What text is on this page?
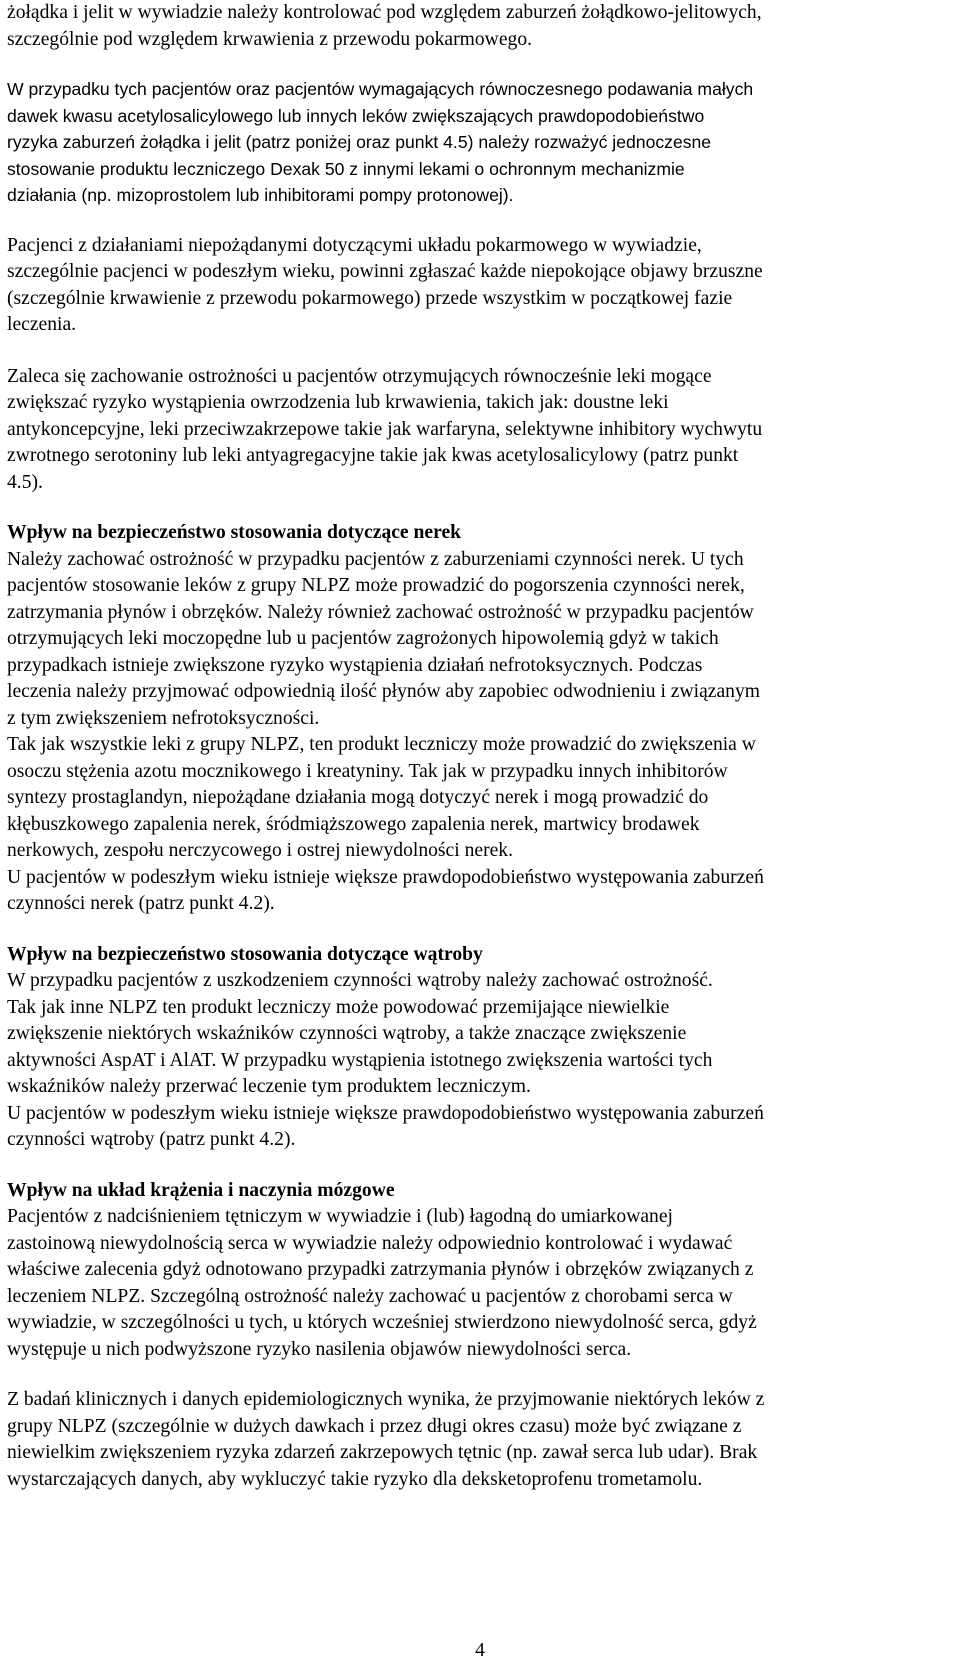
żołądka i jelit w wywiadzie należy kontrolować pod względem zaburzeń żołądkowo-jelitowych,
szczególnie pod względem krwawienia z przewodu pokarmowego.
W przypadku tych pacjentów oraz pacjentów wymagających równoczesnego podawania małych
dawek kwasu acetylosalicylowego lub innych leków zwiększających prawdopodobieństwo
ryzyka zaburzeń żołądka i jelit (patrz poniżej oraz punkt 4.5) należy rozważyć jednoczesne
stosowanie produktu leczniczego Dexak 50 z innymi lekami o ochronnym mechanizmie
działania (np. mizoprostolem lub inhibitorami pompy protonowej).
Pacjenci z działaniami niepożądanymi dotyczącymi układu pokarmowego w wywiadzie,
szczególnie pacjenci w podeszłym wieku, powinni zgłaszać każde niepokojące objawy brzuszne
(szczególnie krwawienie z przewodu pokarmowego) przede wszystkim w początkowej fazie
leczenia.
Zaleca się zachowanie ostrożności u pacjentów otrzymujących równocześnie leki mogące
zwiększać ryzyko wystąpienia owrzodzenia lub krwawienia, takich jak: doustne leki
antykoncepcyjne, leki przeciwzakrzepowe takie jak warfaryna, selektywne inhibitory wychwytu
zwrotnego serotoniny lub leki antyagregacyjne takie jak kwas acetylosalicylowy (patrz punkt
4.5).
Wpływ na bezpieczeństwo stosowania dotyczące nerek
Należy zachować ostrożność w przypadku pacjentów z zaburzeniami czynności nerek. U tych
pacjentów stosowanie leków z grupy NLPZ może prowadzić do pogorszenia czynności nerek,
zatrzymania płynów i obrzęków. Należy również zachować ostrożność w przypadku pacjentów
otrzymujących leki moczopędne lub u pacjentów zagrożonych hipowolemią gdyż w takich
przypadkach istnieje zwiększone ryzyko wystąpienia działań nefrotoksycznych. Podczas
leczenia należy przyjmować odpowiednią ilość płynów aby zapobiec odwodnieniu i związanym
z tym zwiększeniem nefrotoksyczności.
Tak jak wszystkie leki z grupy NLPZ, ten produkt leczniczy może prowadzić do zwiększenia w
osoczu stężenia azotu mocznikowego i kreatyniny. Tak jak w przypadku innych inhibitorów
syntezy prostaglandyn, niepożądane działania mogą dotyczyć nerek i mogą prowadzić do
kłębuszkowego zapalenia nerek, śródmiąższowego zapalenia nerek, martwicy brodawek
nerkowych, zespołu nerczycowego i ostrej niewydolności nerek.
U pacjentów w podeszłym wieku istnieje większe prawdopodobieństwo występowania zaburzeń
czynności nerek (patrz punkt 4.2).
Wpływ na bezpieczeństwo stosowania dotyczące wątroby
W przypadku pacjentów z uszkodzeniem czynności wątroby należy zachować ostrożność.
Tak jak inne NLPZ ten produkt leczniczy może powodować przemijające niewielkie
zwiększenie niektórych wskaźników czynności wątroby, a także znaczące zwiększenie
aktywności AspAT i AlAT. W przypadku wystąpienia istotnego zwiększenia wartości tych
wskaźników należy przerwać leczenie tym produktem leczniczym.
U pacjentów w podeszłym wieku istnieje większe prawdopodobieństwo występowania zaburzeń
czynności wątroby (patrz punkt 4.2).
Wpływ na układ krążenia i naczynia mózgowe
Pacjentów z nadciśnieniem tętniczym w wywiadzie i (lub) łagodną do umiarkowanej
zastoinową niewydolnością serca w wywiadzie należy odpowiednio kontrolować i wydawać
właściwe zalecenia gdyż odnotowano przypadki zatrzymania płynów i obrzęków związanych z
leczeniem NLPZ. Szczególną ostrożność należy zachować u pacjentów z chorobami serca w
wywiadzie, w szczególności u tych, u których wcześniej stwierdzono niewydolność serca, gdyż
występuje u nich podwyższone ryzyko nasilenia objawów niewydolności serca.
Z badań klinicznych i danych epidemiologicznych wynika, że przyjmowanie niektórych leków z
grupy NLPZ (szczególnie w dużych dawkach i przez długi okres czasu) może być związane z
niewielkim zwiększeniem ryzyka zdarzeń zakrzepowych tętnic (np. zawał serca lub udar). Brak
wystarczających danych, aby wykluczyć takie ryzyko dla deksketoprofenu trometamolu.
4
